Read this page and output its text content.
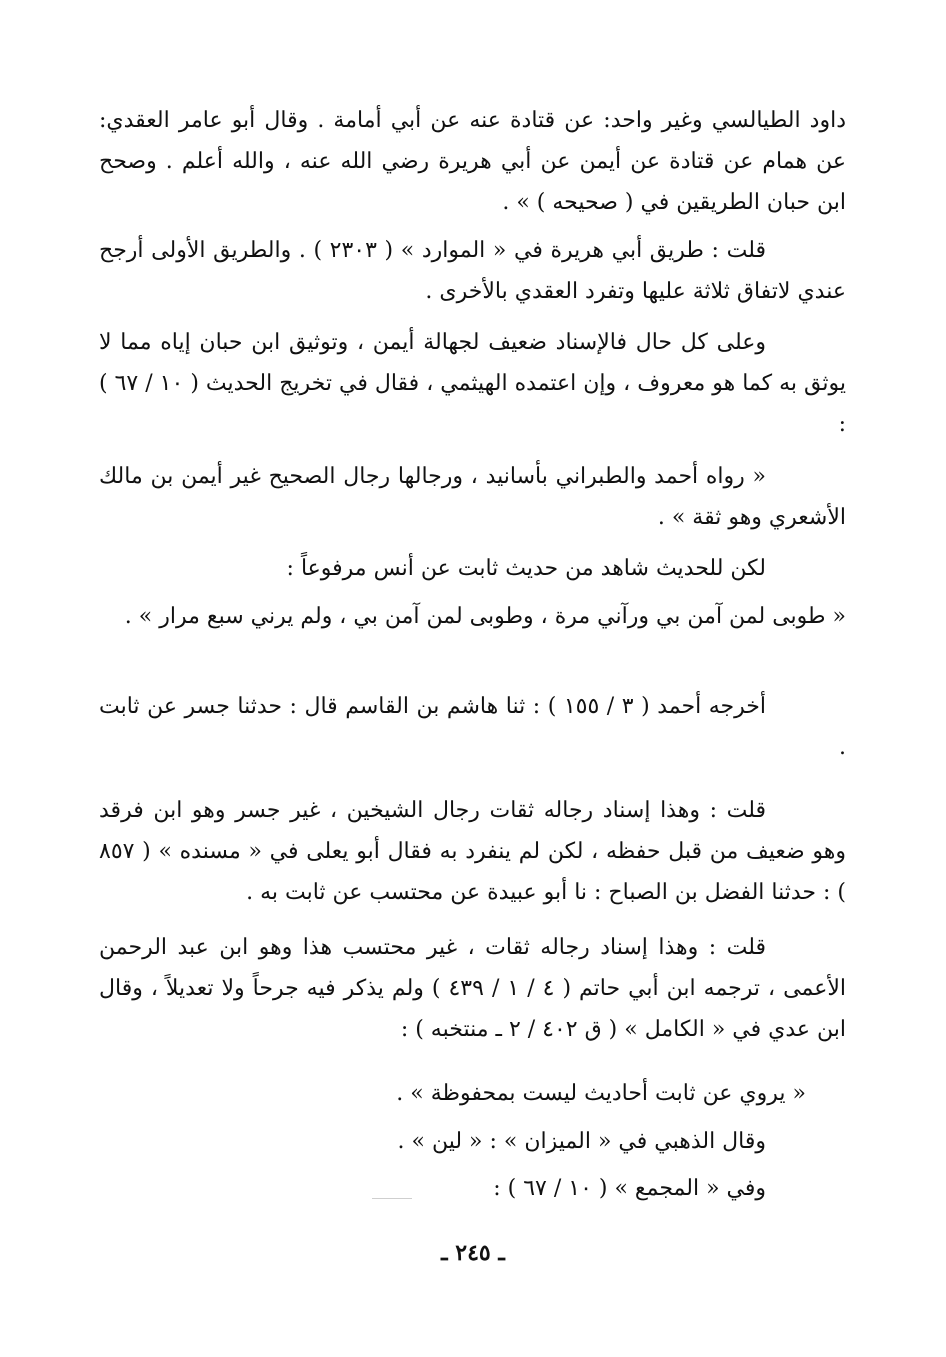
داود الطيالسي وغير واحد: عن قتادة عنه عن أبي أمامة . وقال أبو عامر العقدي: عن همام عن قتادة عن أيمن عن أبي هريرة رضي الله عنه ، والله أعلم . وصحح ابن حبان الطريقين في ( صحيحه ) » .

قلت : طريق أبي هريرة في « الموارد » ( ٢٣٠٣ ) . والطريق الأولى أرجح عندي لاتفاق ثلاثة عليها وتفرد العقدي بالأخرى .

وعلى كل حال فالإسناد ضعيف لجهالة أيمن ، وتوثيق ابن حبان إياه مما لا يوثق به كما هو معروف ، وإن اعتمده الهيثمي ، فقال في تخريج الحديث ( ١٠ / ٦٧ ) :

« رواه أحمد والطبراني بأسانيد ، ورجالها رجال الصحيح غير أيمن بن مالك الأشعري وهو ثقة » .

لكن للحديث شاهد من حديث ثابت عن أنس مرفوعاً :

« طوبى لمن آمن بي ورآني مرة ، وطوبى لمن آمن بي ، ولم يرني سبع مرار » .

أخرجه أحمد ( ٣ / ١٥٥ ) : ثنا هاشم بن القاسم قال : حدثنا جسر عن ثابت .

قلت : وهذا إسناد رجاله ثقات رجال الشيخين ، غير جسر وهو ابن فرقد وهو ضعيف من قبل حفظه ، لكن لم ينفرد به فقال أبو يعلى في « مسنده » ( ٨٥٧ ) : حدثنا الفضل بن الصباح : نا أبو عبيدة عن محتسب عن ثابت به .

قلت : وهذا إسناد رجاله ثقات ، غير محتسب هذا وهو ابن عبد الرحمن الأعمى ، ترجمه ابن أبي حاتم ( ٤ / ١ / ٤٣٩ ) ولم يذكر فيه جرحاً ولا تعديلاً ، وقال ابن عدي في « الكامل » ( ق ٤٠٢ / ٢ ـ منتخبه ) :

« يروي عن ثابت أحاديث ليست بمحفوظة » .

وقال الذهبي في « الميزان » : « لين » .

وفي « المجمع » ( ١٠ / ٦٧ ) :

ـ ٢٤٥ ـ
